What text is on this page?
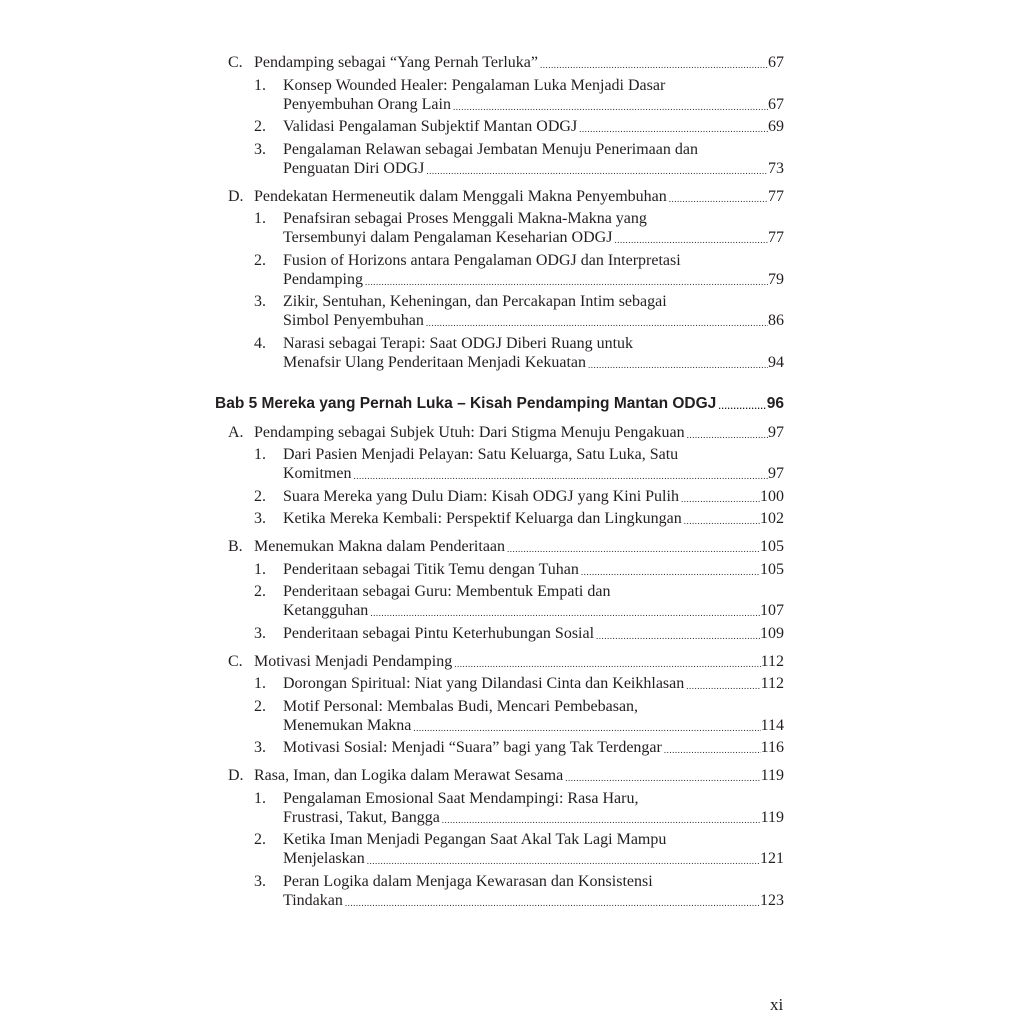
C. Pendamping sebagai “Yang Pernah Terluka” .....	67
1.	Konsep Wounded Healer: Pengalaman Luka Menjadi Dasar
Penyembuhan Orang Lain .....	67
2.	Validasi Pengalaman Subjektif Mantan ODGJ .....	69
3.	Pengalaman Relawan sebagai Jembatan Menuju Penerimaan dan
Penguatan Diri ODGJ .....	73
D. Pendekatan Hermeneutik dalam Menggali Makna Penyembuhan .....	77
1.	Penafsiran sebagai Proses Menggali Makna-Makna yang
Tersembunyi dalam Pengalaman Keseharian ODGJ .....	77
2.	Fusion of Horizons antara Pengalaman ODGJ dan Interpretasi
Pendamping .....	79
3.	Zikir, Sentuhan, Keheningan, dan Percakapan Intim sebagai
Simbol Penyembuhan .....	86
4.	Narasi sebagai Terapi: Saat ODGJ Diberi Ruang untuk
Menafsir Ulang Penderitaan Menjadi Kekuatan .....	94
Bab 5 Mereka yang Pernah Luka – Kisah Pendamping Mantan ODGJ .....	96
A. Pendamping sebagai Subjek Utuh: Dari Stigma Menuju Pengakuan .....	97
1.	Dari Pasien Menjadi Pelayan: Satu Keluarga, Satu Luka, Satu
Komitmen .....	97
2.	Suara Mereka yang Dulu Diam: Kisah ODGJ yang Kini Pulih .....	100
3.	Ketika Mereka Kembali: Perspektif Keluarga dan Lingkungan .....	102
B. Menemukan Makna dalam Penderitaan .....	105
1.	Penderitaan sebagai Titik Temu dengan Tuhan .....	105
2.	Penderitaan sebagai Guru: Membentuk Empati dan
Ketangguhan .....	107
3.	Penderitaan sebagai Pintu Keterhubungan Sosial .....	109
C. Motivasi Menjadi Pendamping .....	112
1.	Dorongan Spiritual: Niat yang Dilandasi Cinta dan Keikhlasan .....	112
2.	Motif Personal: Membalas Budi, Mencari Pembebasan,
Menemukan Makna .....	114
3.	Motivasi Sosial: Menjadi “Suara” bagi yang Tak Terdengar .....	116
D. Rasa, Iman, dan Logika dalam Merawat Sesama .....	119
1.	Pengalaman Emosional Saat Mendampingi: Rasa Haru,
Frustrasi, Takut, Bangga .....	119
2.	Ketika Iman Menjadi Pegangan Saat Akal Tak Lagi Mampu
Menjelaskan .....	121
3.	Peran Logika dalam Menjaga Kewarasan dan Konsistensi
Tindakan .....	123
xi
